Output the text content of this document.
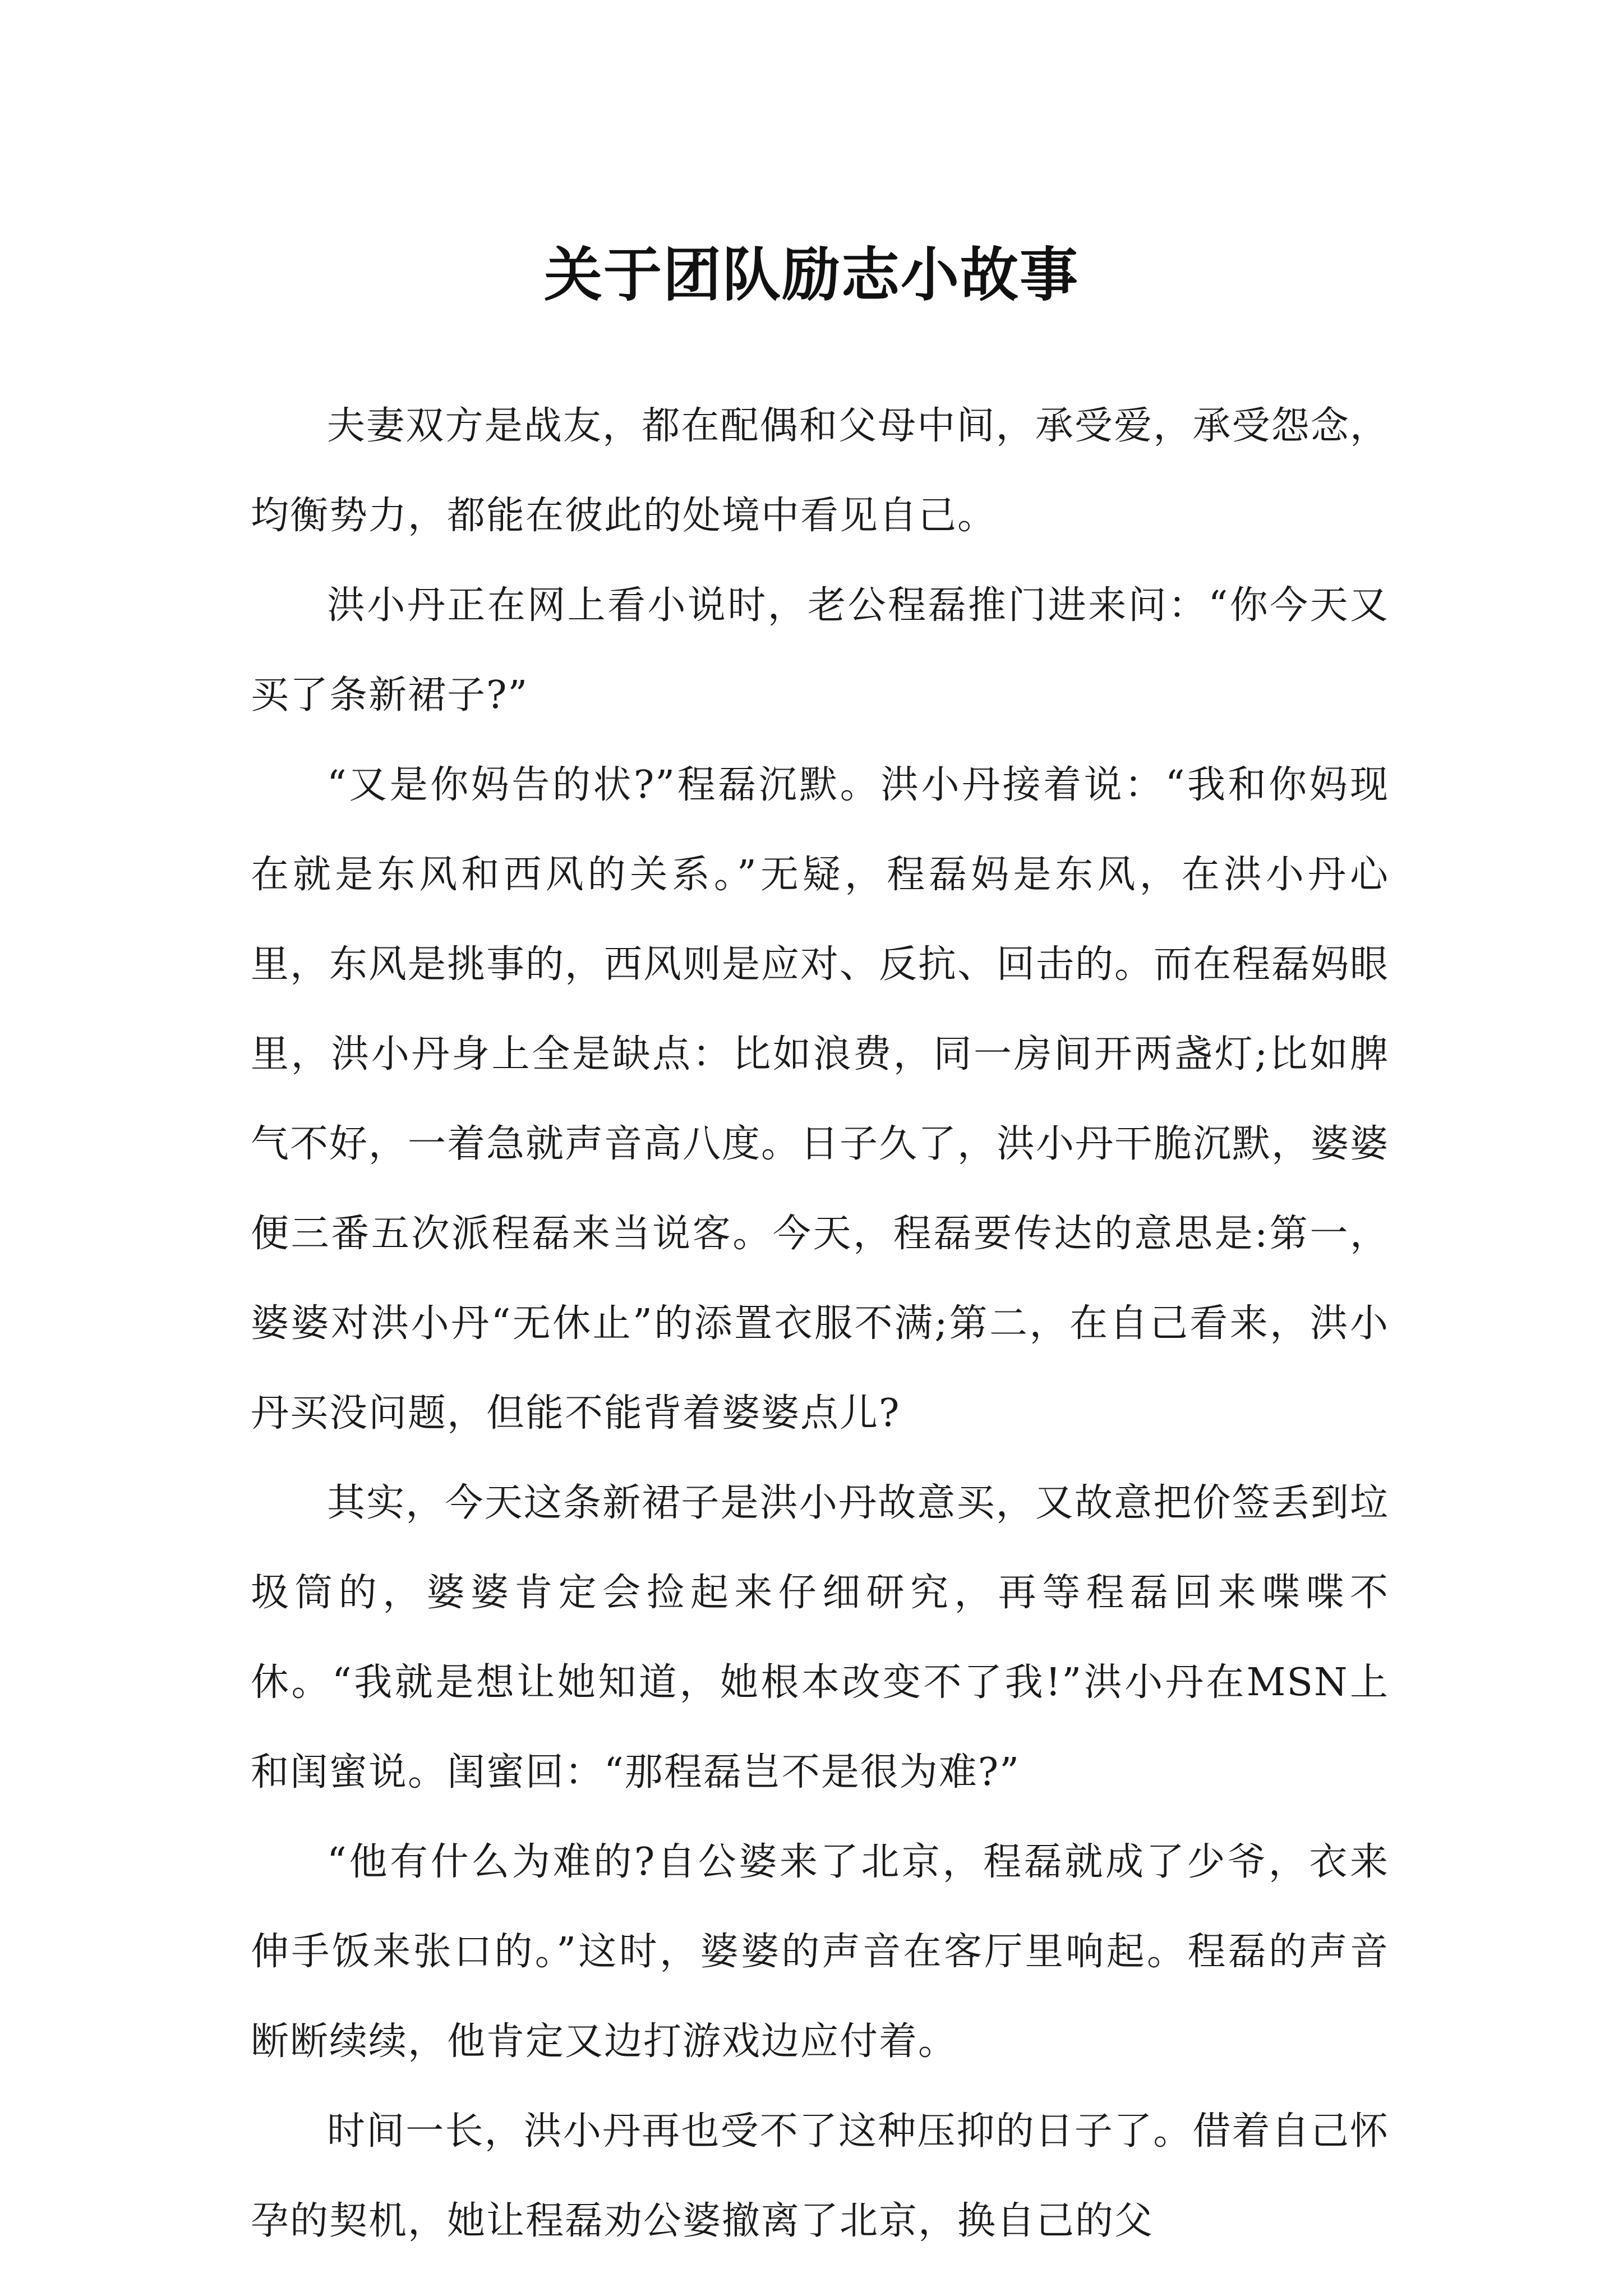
关于团队励志小故事

夫妻双方是战友，都在配偶和父母中间，承受爱，承受怨念，均衡势力，都能在彼此的处境中看见自己。

洪小丹正在网上看小说时，老公程磊推门进来问：“你今天又买了条新裙子?”

“又是你妈告的状?”程磊沉默。洪小丹接着说：“我和你妈现在就是东风和西风的关系。”无疑，程磊妈是东风，在洪小丹心里，东风是挑事的，西风则是应对、反抗、回击的。而在程磊妈眼里，洪小丹身上全是缺点：比如浪费，同一房间开两盏灯;比如脾气不好，一着急就声音高八度。日子久了，洪小丹干脆沉默，婆婆便三番五次派程磊来当说客。今天，程磊要传达的意思是:第一，婆婆对洪小丹“无休止”的添置衣服不满;第二，在自己看来，洪小丹买没问题，但能不能背着婆婆点儿?

其实，今天这条新裙子是洪小丹故意买，又故意把价签丢到垃圾筒的，婆婆肯定会捡起来仔细研究，再等程磊回来喋喋不休。“我就是想让她知道，她根本改变不了我!”洪小丹在MSN上和闺蜜说。闺蜜回：“那程磊岂不是很为难?”

“他有什么为难的?自公婆来了北京，程磊就成了少爷，衣来伸手饭来张口的。”这时，婆婆的声音在客厅里响起。程磊的声音断断续续，他肯定又边打游戏边应付着。

时间一长，洪小丹再也受不了这种压抑的日子了。借着自己怀孕的契机，她让程磊劝公婆撤离了北京，换自己的父
